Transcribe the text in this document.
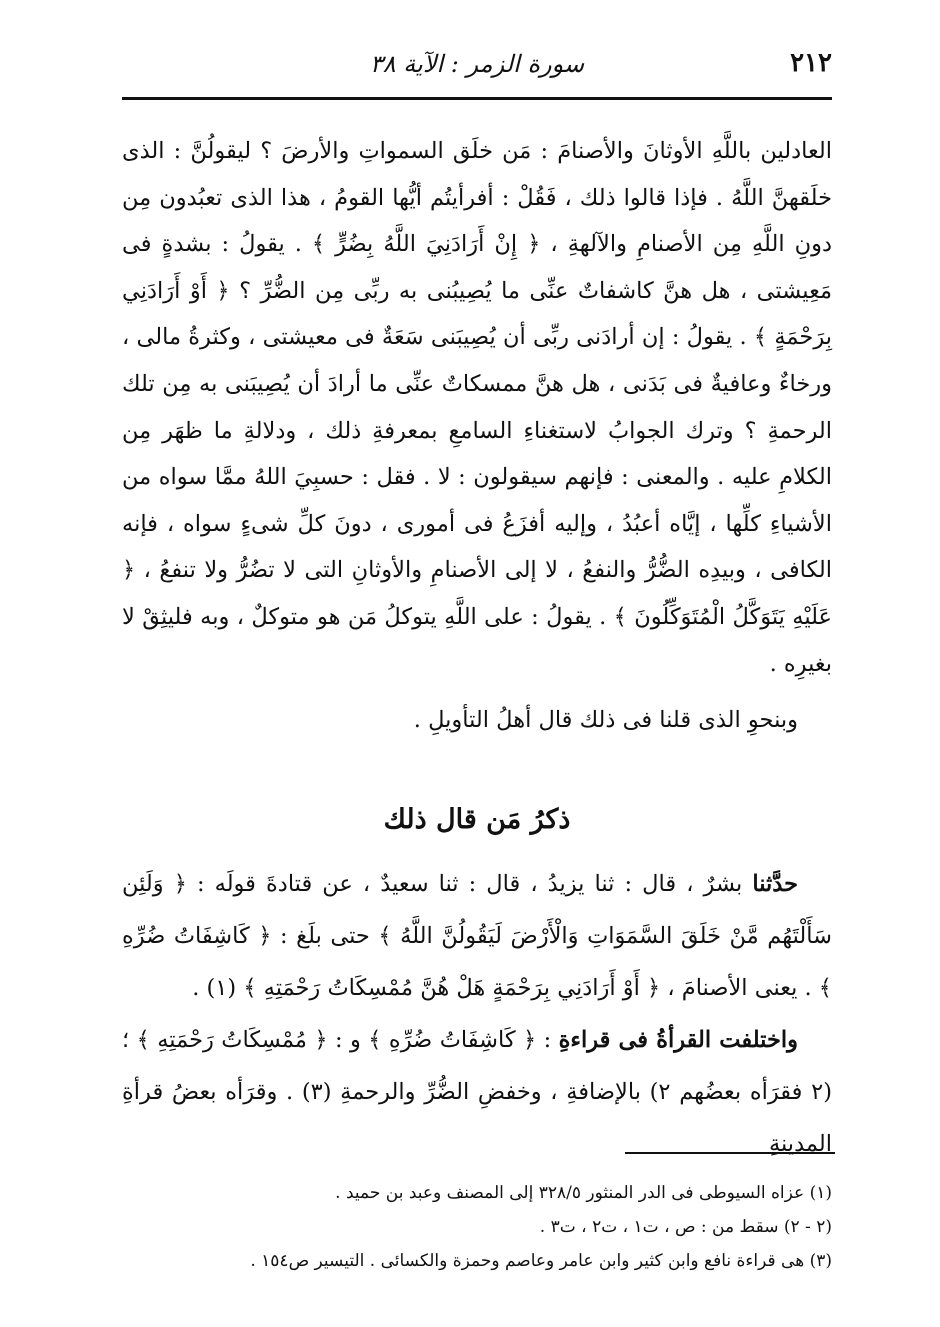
٢١٢
سورة الزمر : الآية ٣٨

العادلين باللَّهِ الأوثانَ والأصنامَ : مَن خلَق السمواتِ والأرضَ ؟ ليقولُنَّ : الذى خلَقهنَّ اللَّهُ . فإذا قالوا ذلك ، فَقُلْ : أفرأيتُم أيُّها القومُ ، هذا الذى تعبُدون مِن دونِ اللَّهِ مِن الأصنامِ والآلهةِ ، ﴿ إِنْ أَرَادَنِيَ اللَّهُ بِضُرٍّ ﴾ . يقولُ : بشدةٍ فى مَعِيشتى ، هل هنَّ كاشفاتٌ عنِّى ما يُصِيبُنى به ربِّى مِن الضُّرِّ ؟ ﴿ أَوْ أَرَادَنِي بِرَحْمَةٍ ﴾ . يقولُ : إن أرادَنى ربِّى أن يُصِيبَنى سَعَةٌ فى معيشتى ، وكثرةُ مالى ، ورخاءٌ وعافيةٌ فى بَدَنى ، هل هنَّ ممسكاتٌ عنِّى ما أرادَ أن يُصِيبَنى به مِن تلك الرحمةِ ؟ وترك الجوابُ لاستغناءِ السامعِ بمعرفةِ ذلك ، ودلالةِ ما ظهَر مِن الكلامِ عليه . والمعنى : فإنهم سيقولون : لا . فقل : حسبِيَ اللهُ ممَّا سواه من الأشياءِ كلِّها ، إيَّاه أعبُدُ ، وإليه أفزَعُ فى أمورى ، دونَ كلِّ شىءٍ سواه ، فإنه الكافى ، وبيدِه الضُّرُّ والنفعُ ، لا إلى الأصنامِ والأوثانِ التى لا تضُرُّ ولا تنفعُ ، ﴿ عَلَيْهِ يَتَوَكَّلُ الْمُتَوَكِّلُونَ ﴾ . يقولُ : على اللَّهِ يتوكلُ مَن هو متوكلٌ ، وبه فليثِقْ لا بغيرِه .

وبنحوِ الذى قلنا فى ذلك قال أهلُ التأويلِ .

ذكرُ مَن قال ذلك

حدَّثنا بشرٌ ، قال : ثنا يزيدُ ، قال : ثنا سعيدٌ ، عن قتادةَ قولَه : ﴿ وَلَئِن سَأَلْتَهُم مَّنْ خَلَقَ السَّمَوَاتِ وَالْأَرْضَ لَيَقُولُنَّ اللَّهُ ﴾ حتى بلَغ : ﴿ كَاشِفَاتُ ضُرِّهِ ﴾ . يعنى الأصنامَ ، ﴿ أَوْ أَرَادَنِي بِرَحْمَةٍ هَلْ هُنَّ مُمْسِكَاتُ رَحْمَتِهِ ﴾ (١) .

واختلفت القرأةُ فى قراءةِ : ﴿ كَاشِفَاتُ ضُرِّهِ ﴾ و : ﴿ مُمْسِكَاتُ رَحْمَتِهِ ﴾ ؛ (٢ فقرَأه بعضُهم ٢) بالإضافةِ ، وخفضِ الضُّرِّ والرحمةِ (٣) . وقرَأه بعضُ قرأةِ المدينةِ

(١) عزاه السيوطى فى الدر المنثور ٣٢٨/٥ إلى المصنف وعبد بن حميد .

(٢ - ٢) سقط من : ص ، ت١ ، ت٢ ، ت٣ .

(٣) هى قراءة نافع وابن كثير وابن عامر وعاصم وحمزة والكسائى . التيسير ص١٥٤ .
